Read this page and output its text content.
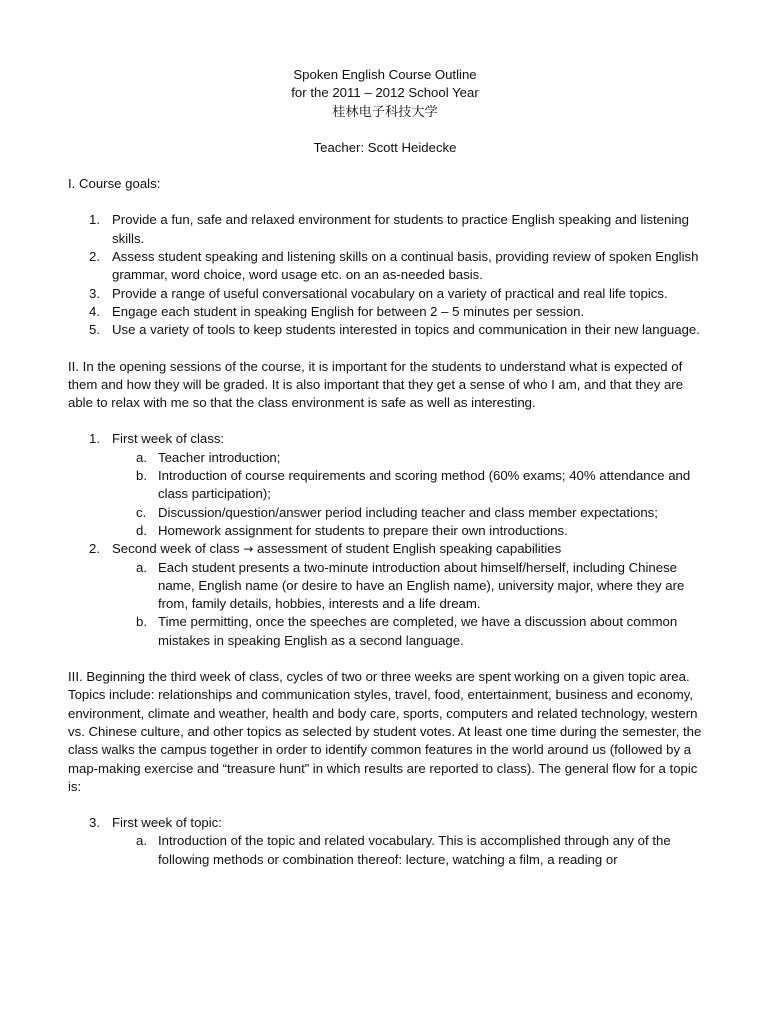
Spoken English Course Outline
for the 2011 – 2012 School Year
桂林电子科技大学
Teacher: Scott Heidecke
I. Course goals:
1. Provide a fun, safe and relaxed environment for students to practice English speaking and listening skills.
2. Assess student speaking and listening skills on a continual basis, providing review of spoken English grammar, word choice, word usage etc. on an as-needed basis.
3. Provide a range of useful conversational vocabulary on a variety of practical and real life topics.
4. Engage each student in speaking English for between 2 – 5 minutes per session.
5. Use a variety of tools to keep students interested in topics and communication in their new language.

II. In the opening sessions of the course, it is important for the students to understand what is expected of them and how they will be graded. It is also important that they get a sense of who I am, and that they are able to relax with me so that the class environment is safe as well as interesting.

1. First week of class:
a. Teacher introduction;
b. Introduction of course requirements and scoring method (60% exams; 40% attendance and class participation);
c. Discussion/question/answer period including teacher and class member expectations;
d. Homework assignment for students to prepare their own introductions.
2. Second week of class → assessment of student English speaking capabilities
a. Each student presents a two-minute introduction about himself/herself, including Chinese name, English name (or desire to have an English name), university major, where they are from, family details, hobbies, interests and a life dream.
b. Time permitting, once the speeches are completed, we have a discussion about common mistakes in speaking English as a second language.

III. Beginning the third week of class, cycles of two or three weeks are spent working on a given topic area. Topics include: relationships and communication styles, travel, food, entertainment, business and economy, environment, climate and weather, health and body care, sports, computers and related technology, western vs. Chinese culture, and other topics as selected by student votes. At least one time during the semester, the class walks the campus together in order to identify common features in the world around us (followed by a map-making exercise and “treasure hunt” in which results are reported to class). The general flow for a topic is:

3. First week of topic:
a. Introduction of the topic and related vocabulary. This is accomplished through any of the following methods or combination thereof: lecture, watching a film, a reading or
